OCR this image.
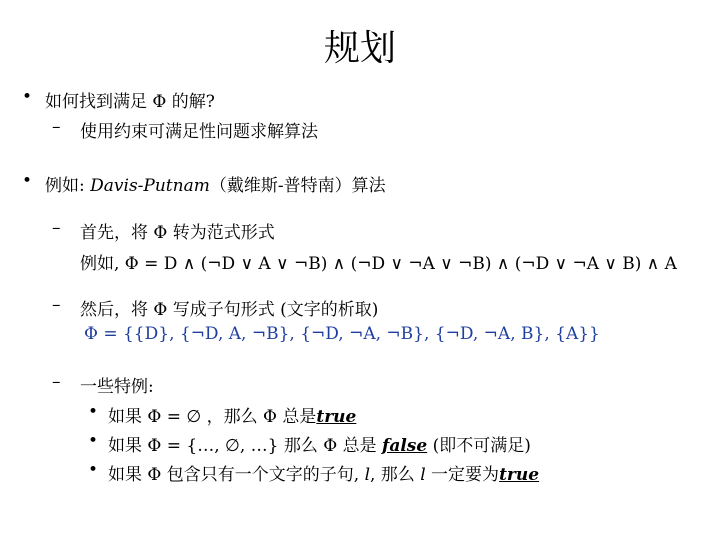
规划
• 如何找到满足 Φ 的解?
– 使用约束可满足性问题求解算法
• 例如: Davis-Putnam（戴维斯-普特南）算法
– 首先，将 Φ 转为范式形式
例如, Φ = D ∧ (¬D ∨ A ∨ ¬B) ∧ (¬D ∨ ¬A ∨ ¬B) ∧ (¬D ∨ ¬A ∨ B) ∧ A
– 然后，将 Φ 写成子句形式 (文字的析取)
Φ = {{D}, {¬D, A, ¬B}, {¬D, ¬A, ¬B}, {¬D, ¬A, B}, {A}}
– 一些特例:
• 如果 Φ = ∅ ，那么 Φ 总是true
• 如果 Φ = {…, ∅, …} 那么 Φ 总是 false (即不可满足)
• 如果 Φ 包含只有一个文字的子句, l, 那么 l 一定要为true
